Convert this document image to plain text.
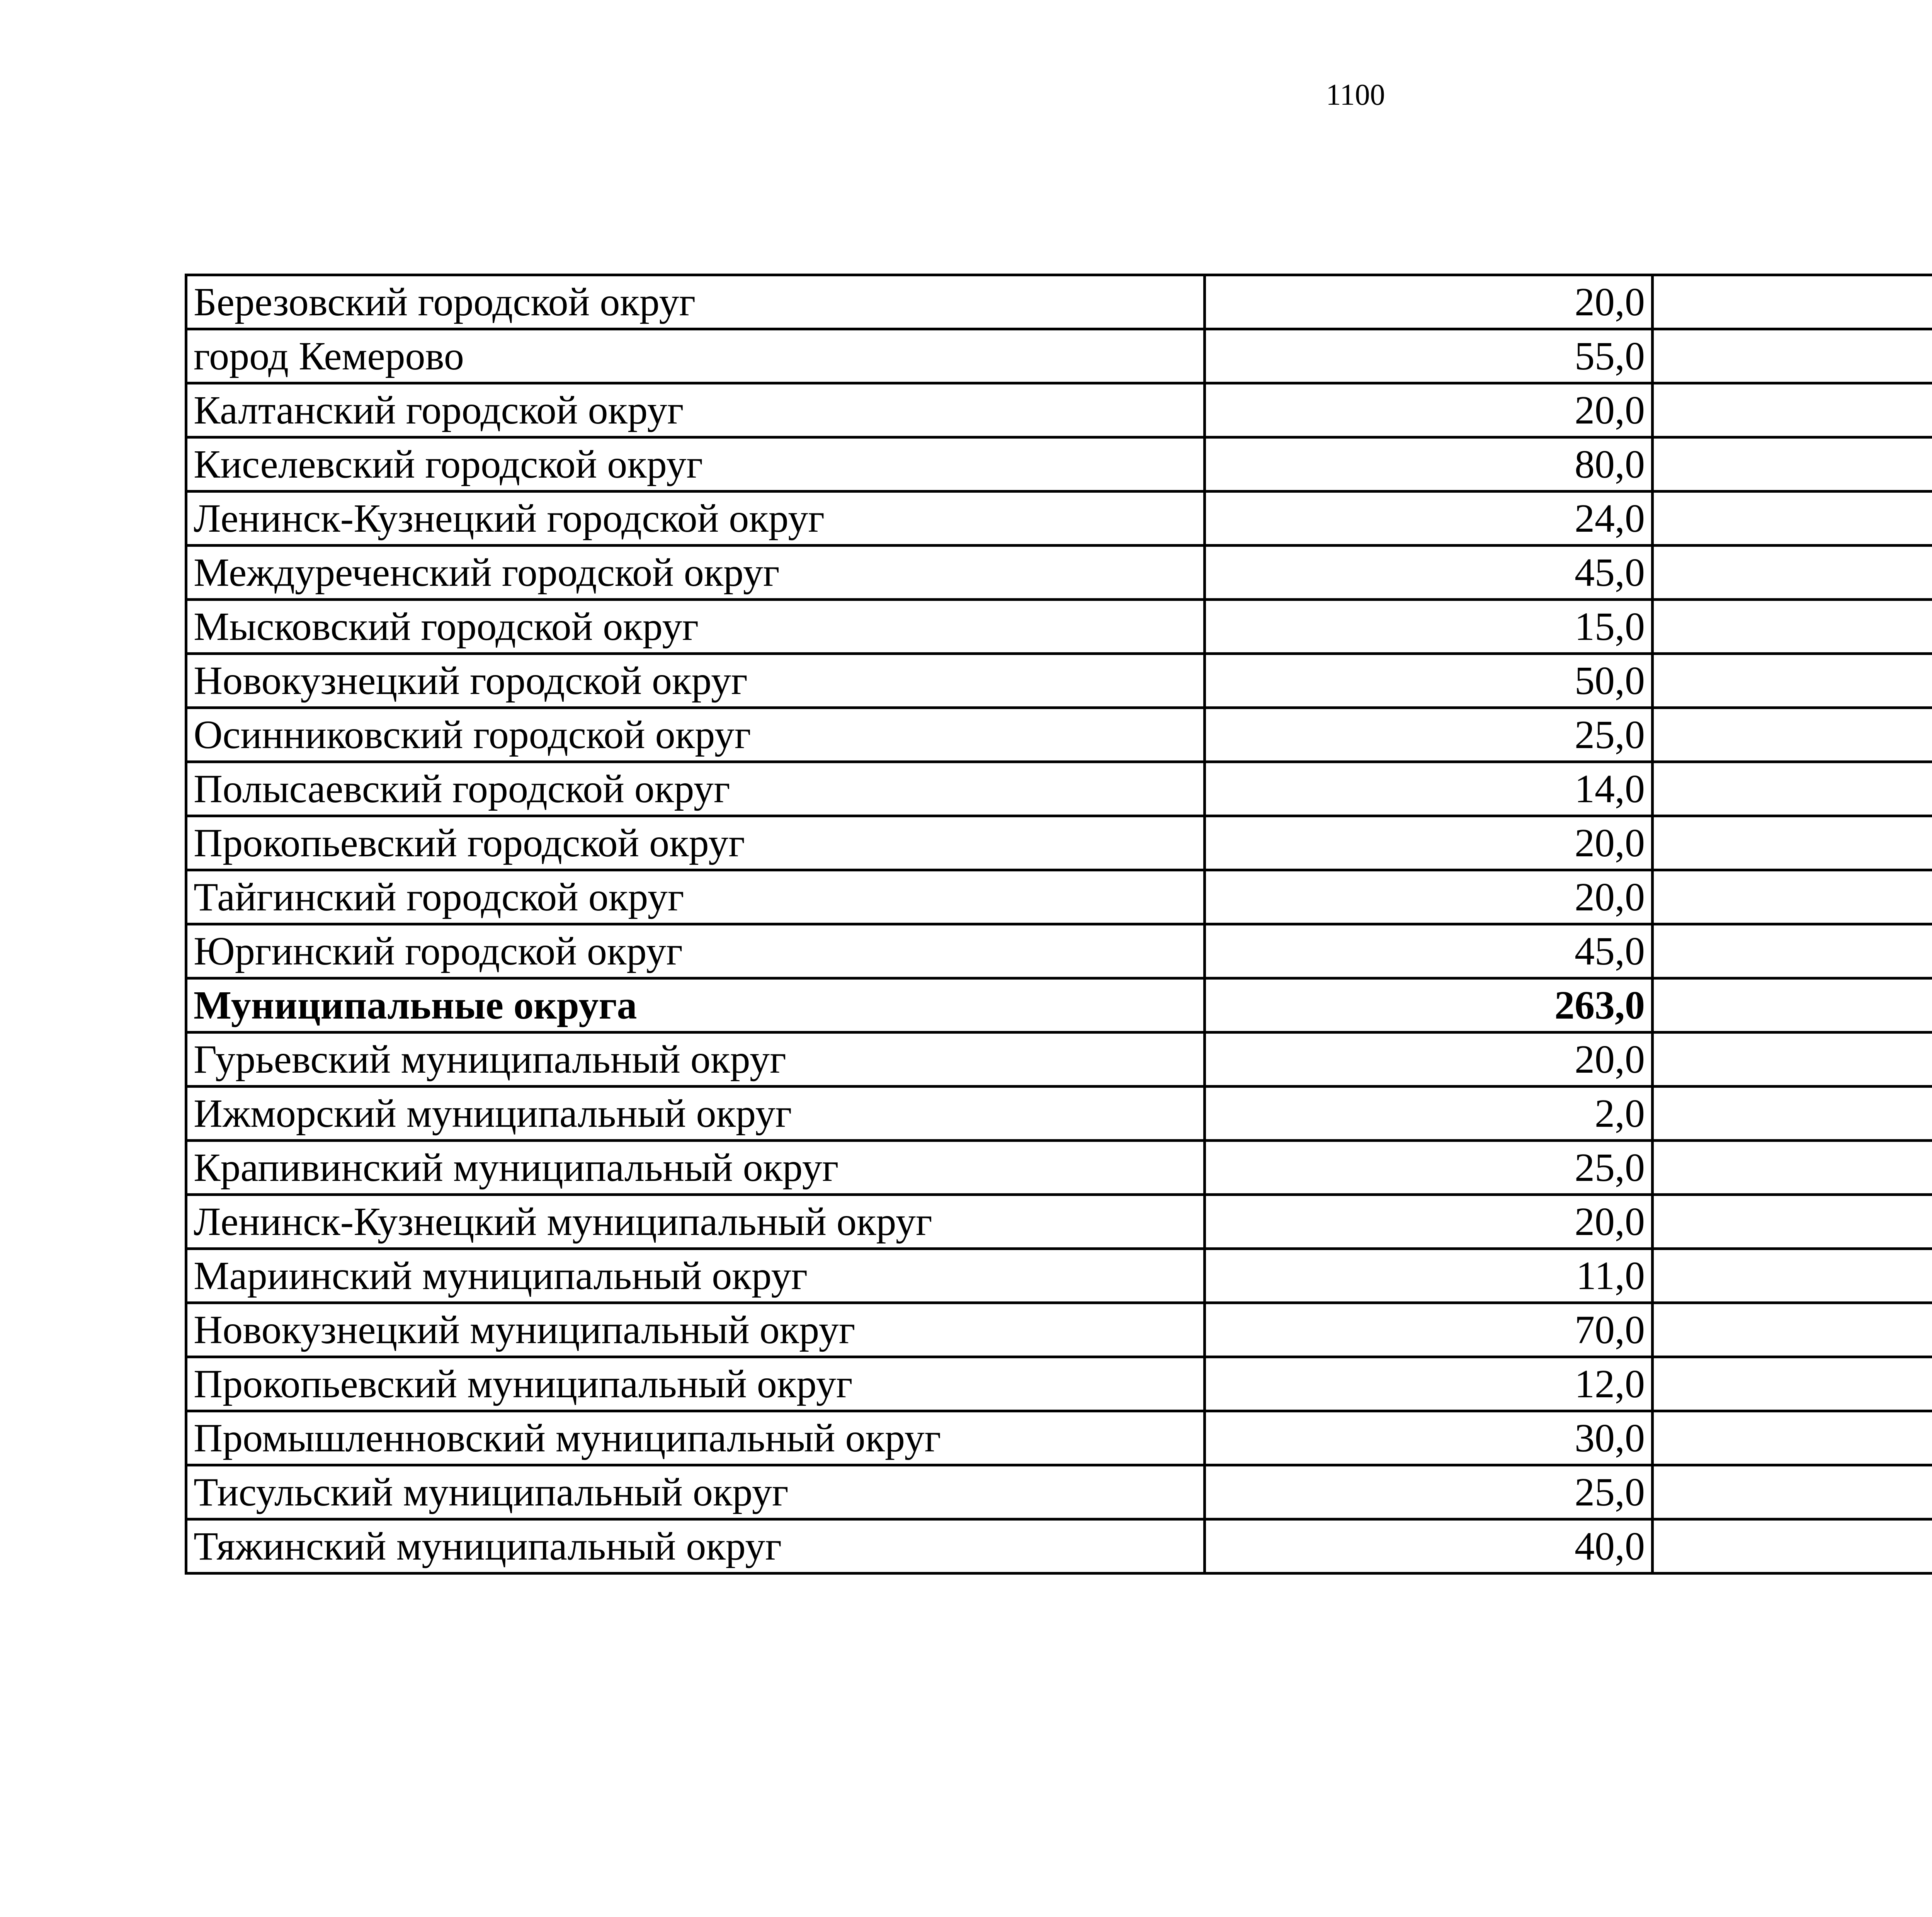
1100
Березовский городской округ	20,0		
город Кемерово	55,0		
Калтанский городской округ	20,0		
Киселевский городской округ	80,0		
Ленинск-Кузнецкий городской округ	24,0		
Междуреченский городской округ	45,0		
Мысковский городской округ	15,0		
Новокузнецкий городской округ	50,0		
Осинниковский городской округ	25,0		
Полысаевский городской округ	14,0		
Прокопьевский городской округ	20,0		
Тайгинский городской округ	20,0		
Юргинский городской округ	45,0		
Муниципальные округа	263,0		
Гурьевский муниципальный округ	20,0		
Ижморский муниципальный округ	2,0		
Крапивинский муниципальный округ	25,0		
Ленинск-Кузнецкий муниципальный округ	20,0		
Мариинский муниципальный округ	11,0		
Новокузнецкий муниципальный округ	70,0		
Прокопьевский муниципальный округ	12,0		
Промышленновский муниципальный округ	30,0		
Тисульский муниципальный округ	25,0		
Тяжинский муниципальный округ	40,0		
